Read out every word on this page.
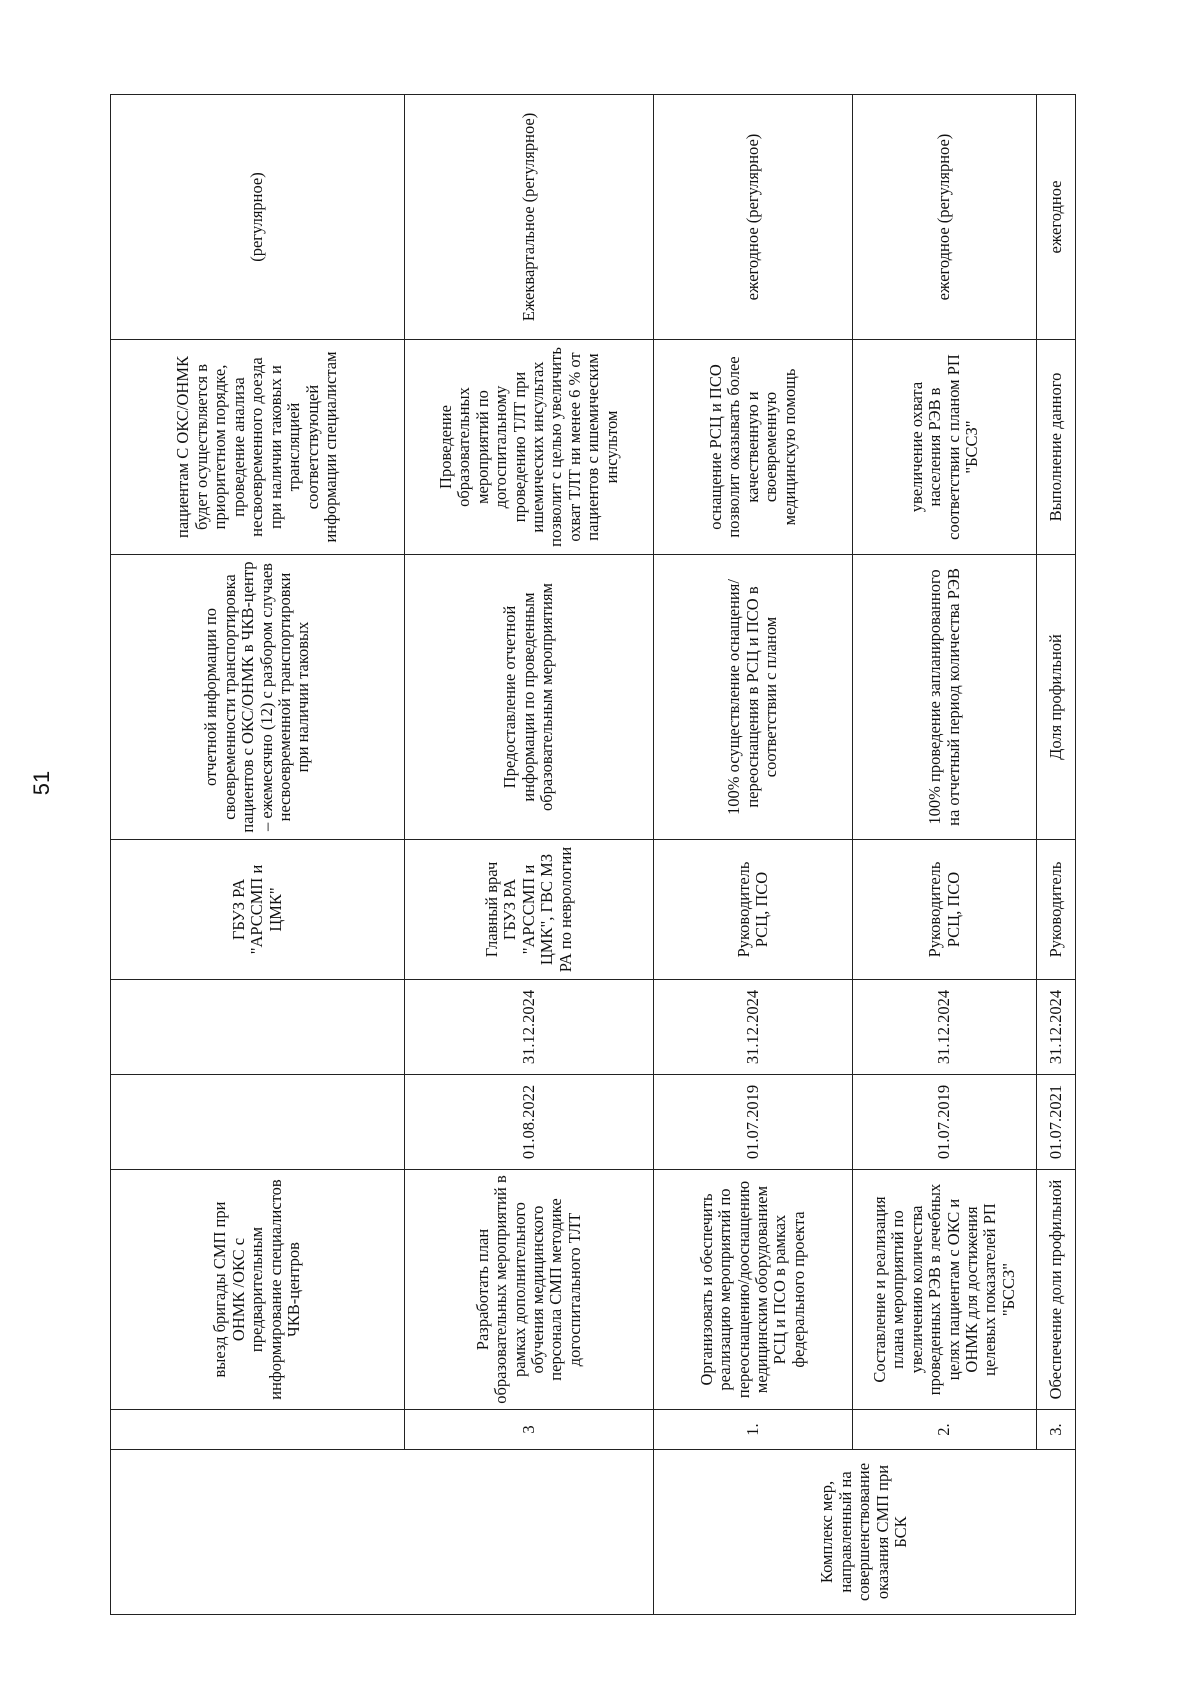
51
		выезд бригады СМП при ОНМК /ОКС с предварительным информирование специалистов ЧКВ-центров			ГБУЗ РА "АРССМП и ЦМК"	отчетной информации по своевременности транспортировка пациентов с ОКС/ОНМК в ЧКВ-центр – ежемесячно (12) с разбором случаев несвоевременной транспортировки при наличии таковых	пациентам С ОКС/ОНМК будет осуществляется в приоритетном порядке, проведение анализа несвоевременного доезда при наличии таковых и трансляцией соответствующей информации специалистам	(регулярное)
	3	Разработать план образовательных мероприятий в рамках дополнительного обучения медицинского персонала СМП методике догоспитального ТЛТ	01.08.2022	31.12.2024	Главный врач ГБУЗ РА "АРССМП и ЦМК", ГВС МЗ РА по неврологии	Предоставление отчетной информации по проведенным образовательным мероприятиям	Проведение образовательных мероприятий по догоспитальному проведению ТЛТ при ишемических инсультах позволит с целью увеличить охват ТЛТ ни менее 6 % от пациентов с ишемическим инсультом	Ежеквартальное (регулярное)
Комплекс мер, направленный на совершенствование оказания СМП при БСК	1.	Организовать и обеспечить реализацию мероприятий по переоснащению/дооснащению медицинским оборудованием РСЦ и ПСО в рамках федерального проекта	01.07.2019	31.12.2024	Руководитель РСЦ, ПСО	100% осуществление оснащения/переоснащения в РСЦ и ПСО в соответствии с планом	оснащение РСЦ и ПСО позволит оказывать более качественную и своевременную медицинскую помощь	ежегодное (регулярное)
	2.	Составление и реализация плана мероприятий по увеличению количества проведенных РЭВ в лечебных целях пациентам с ОКС и ОНМК для достижения целевых показателей РП "БССЗ"	01.07.2019	31.12.2024	Руководитель РСЦ, ПСО	100% проведение запланированного на отчетный период количества РЭВ	увеличение охвата населения РЭВ в соответствии с планом РП "БССЗ"	ежегодное (регулярное)
	3.	Обеспечение доли профильной	01.07.2021	31.12.2024	Руководитель	Доля профильной	Выполнение данного	ежегодное
